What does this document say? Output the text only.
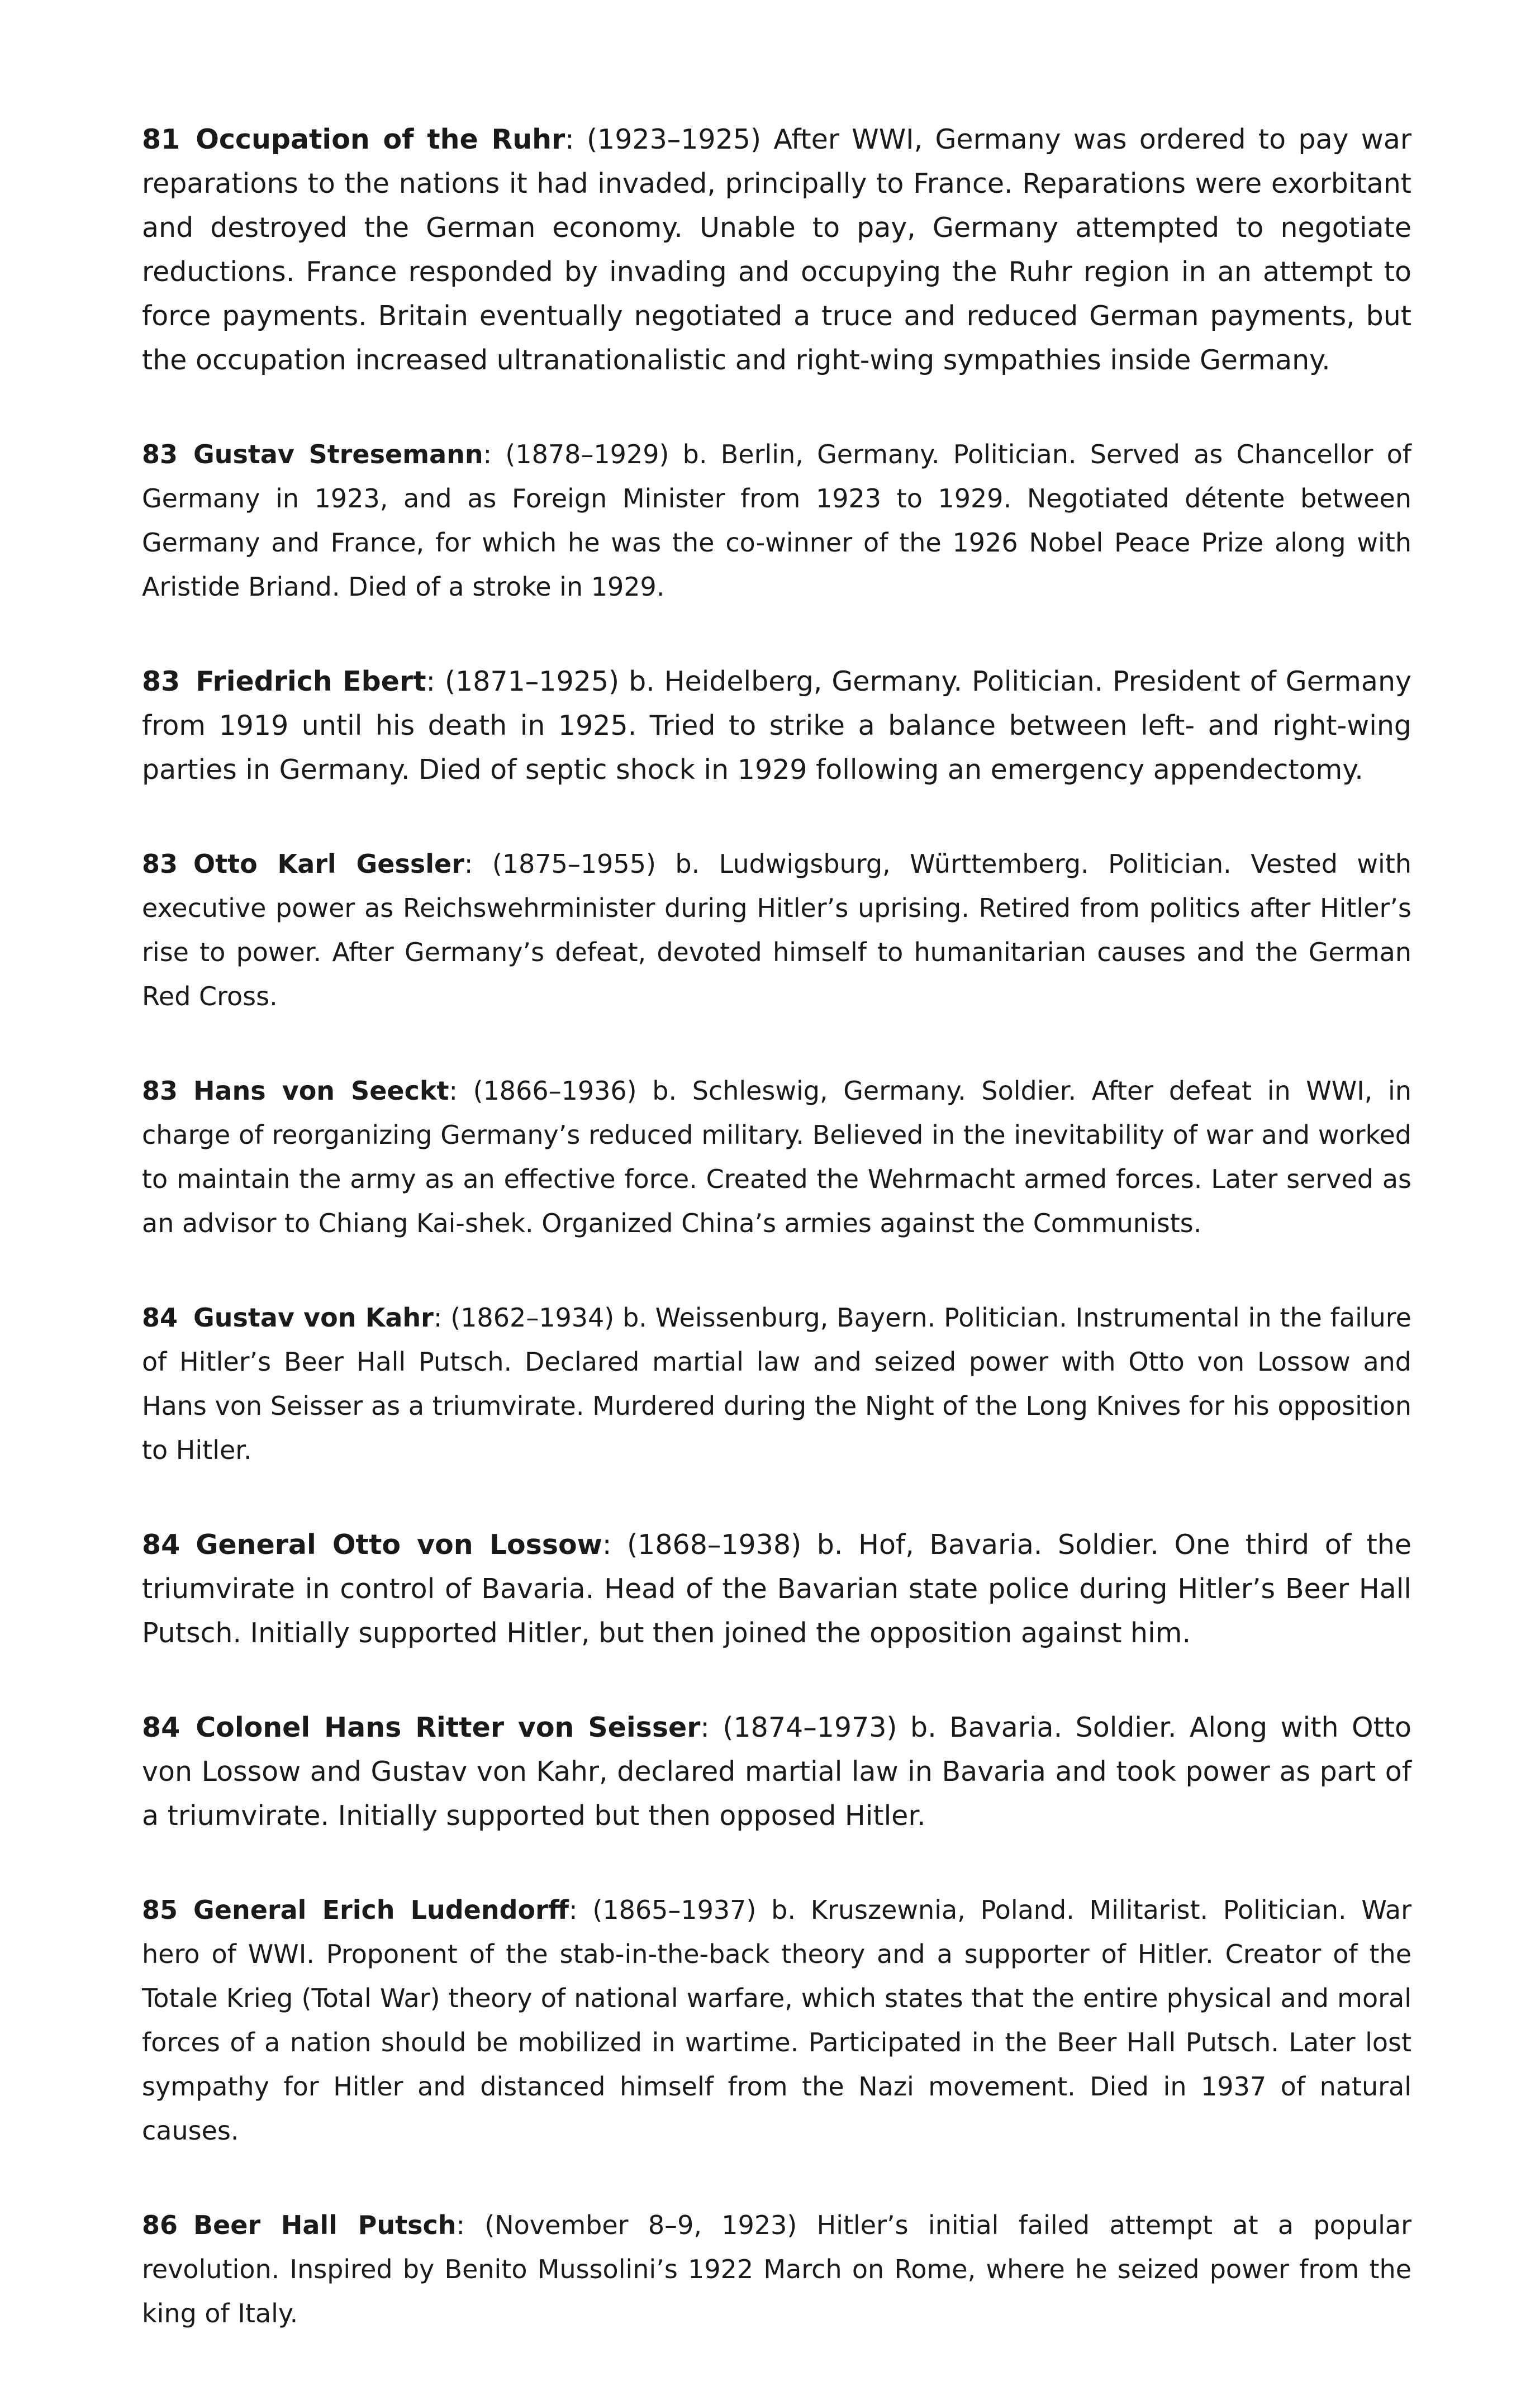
81 Occupation of the Ruhr: (1923–1925) After WWI, Germany was ordered to pay war reparations to the nations it had invaded, principally to France. Reparations were exorbitant and destroyed the German economy. Unable to pay, Germany attempted to negotiate reductions. France responded by invading and occupying the Ruhr region in an attempt to force payments. Britain eventually negotiated a truce and reduced German payments, but the occupation increased ultranationalistic and right-wing sympathies inside Germany.

83 Gustav Stresemann: (1878–1929) b. Berlin, Germany. Politician. Served as Chancellor of Germany in 1923, and as Foreign Minister from 1923 to 1929. Negotiated détente between Germany and France, for which he was the co-winner of the 1926 Nobel Peace Prize along with Aristide Briand. Died of a stroke in 1929.

83 Friedrich Ebert: (1871–1925) b. Heidelberg, Germany. Politician. President of Germany from 1919 until his death in 1925. Tried to strike a balance between left- and right-wing parties in Germany. Died of septic shock in 1929 following an emergency appendectomy.

83 Otto Karl Gessler: (1875–1955) b. Ludwigsburg, Württemberg. Politician. Vested with executive power as Reichswehrminister during Hitler’s uprising. Retired from politics after Hitler’s rise to power. After Germany’s defeat, devoted himself to humanitarian causes and the German Red Cross.

83 Hans von Seeckt: (1866–1936) b. Schleswig, Germany. Soldier. After defeat in WWI, in charge of reorganizing Germany’s reduced military. Believed in the inevitability of war and worked to maintain the army as an effective force. Created the Wehrmacht armed forces. Later served as an advisor to Chiang Kai-shek. Organized China’s armies against the Communists.

84 Gustav von Kahr: (1862–1934) b. Weissenburg, Bayern. Politician. Instrumental in the failure of Hitler’s Beer Hall Putsch. Declared martial law and seized power with Otto von Lossow and Hans von Seisser as a triumvirate. Murdered during the Night of the Long Knives for his opposition to Hitler.

84 General Otto von Lossow: (1868–1938) b. Hof, Bavaria. Soldier. One third of the triumvirate in control of Bavaria. Head of the Bavarian state police during Hitler’s Beer Hall Putsch. Initially supported Hitler, but then joined the opposition against him.

84 Colonel Hans Ritter von Seisser: (1874–1973) b. Bavaria. Soldier. Along with Otto von Lossow and Gustav von Kahr, declared martial law in Bavaria and took power as part of a triumvirate. Initially supported but then opposed Hitler.

85 General Erich Ludendorff: (1865–1937) b. Kruszewnia, Poland. Militarist. Politician. War hero of WWI. Proponent of the stab-in-the-back theory and a supporter of Hitler. Creator of the Totale Krieg (Total War) theory of national warfare, which states that the entire physical and moral forces of a nation should be mobilized in wartime. Participated in the Beer Hall Putsch. Later lost sympathy for Hitler and distanced himself from the Nazi movement. Died in 1937 of natural causes.

86 Beer Hall Putsch: (November 8–9, 1923) Hitler’s initial failed attempt at a popular revolution. Inspired by Benito Mussolini’s 1922 March on Rome, where he seized power from the king of Italy.
